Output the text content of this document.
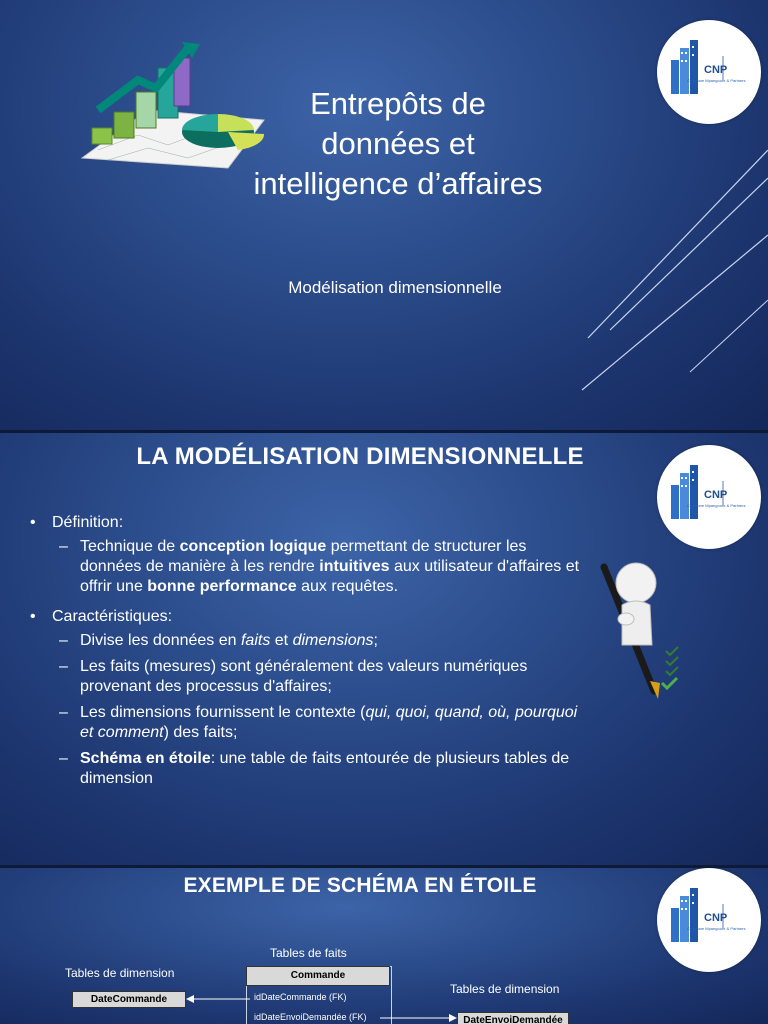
Entrepôts de
données et
intelligence d’affaires
Modélisation dimensionnelle
CNP
Capstone Mpangoure & Partners
LA MODÉLISATION DIMENSIONNELLE
CNP
Capstone Mpangoure & Partners
• Définition:
– Technique de conception logique permettant de structurer les données de manière à les rendre intuitives aux utilisateur d'affaires et offrir une bonne performance aux requêtes.
• Caractéristiques:
– Divise les données en faits et dimensions;
– Les faits (mesures) sont généralement des valeurs numériques provenant des processus d'affaires;
– Les dimensions fournissent le contexte (qui, quoi, quand, où, pourquoi et comment) des faits;
– Schéma en étoile: une table de faits entourée de plusieurs tables de dimension
EXEMPLE DE SCHÉMA EN ÉTOILE
CNP
Capstone Mpangoure & Partners
Tables de faits
Tables de dimension
Tables de dimension
Commande
idDateCommande (FK)
idDateEnvoiDemandée (FK)
DateCommande
DateEnvoiDemandée
